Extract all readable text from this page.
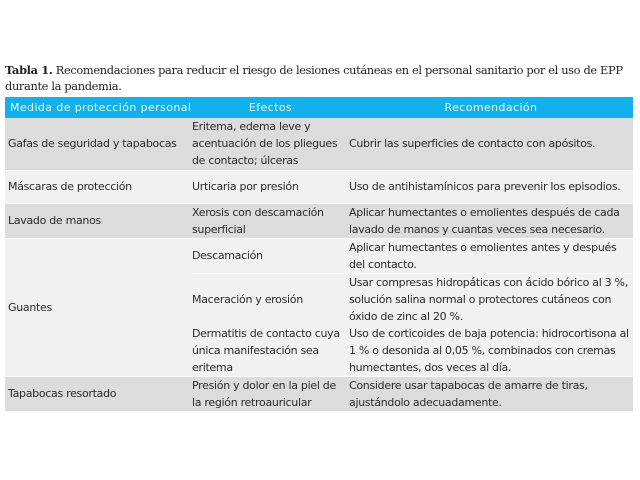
Tabla 1. Recomendaciones para reducir el riesgo de lesiones cutáneas en el personal sanitario por el uso de EPP durante la pandemia.
Medida de protección personal	Efectos	Recomendación
Gafas de seguridad y tapabocas	Eritema, edema leve y acentuación de los pliegues de contacto; úlceras	Cubrir las superficies de contacto con apósitos.
Máscaras de protección	Urticaria por presión	Uso de antihistamínicos para prevenir los episodios.
Lavado de manos	Xerosis con descamación superficial	Aplicar humectantes o emolientes después de cada lavado de manos y cuantas veces sea necesario.
Guantes	Descamación	Aplicar humectantes o emolientes antes y después del contacto.
	Maceración y erosión	Usar compresas hidropáticas con ácido bórico al 3 %, solución salina normal o protectores cutáneos con óxido de zinc al 20 %.
	Dermatitis de contacto cuya única manifestación sea eritema	Uso de corticoides de baja potencia: hidrocortisona al 1 % o desonida al 0,05 %, combinados con cremas humectantes, dos veces al día.
Tapabocas resortado	Presión y dolor en la piel de la región retroauricular	Considere usar tapabocas de amarre de tiras, ajustándolo adecuadamente.
